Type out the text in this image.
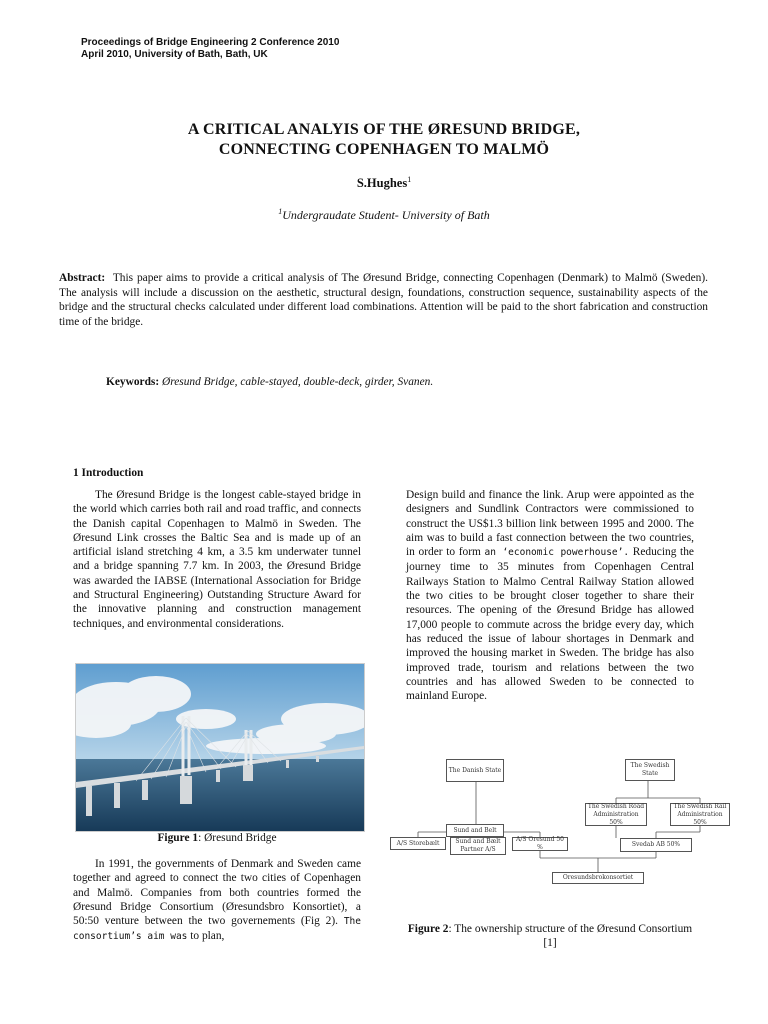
Proceedings of Bridge Engineering 2 Conference 2010
April 2010, University of Bath, Bath, UK
A CRITICAL ANALYIS OF THE ØRESUND BRIDGE,
CONNECTING COPENHAGEN TO MALMÖ
S.Hughes$^1$
$^1$Undergraudate Student- University of Bath
Abstract: This paper aims to provide a critical analysis of The Øresund Bridge, connecting Copenhagen (Denmark) to Malmö (Sweden). The analysis will include a discussion on the aesthetic, structural design, foundations, construction sequence, sustainability aspects of the bridge and the structural checks calculated under different load combinations. Attention will be paid to the short fabrication and construction time of the bridge.
Keywords: Øresund Bridge, cable-stayed, double-deck, girder, Svanen.
1 Introduction

The Øresund Bridge is the longest cable-stayed bridge in the world which carries both rail and road traffic, and connects the Danish capital Copenhagen to Malmö in Sweden. The Øresund Link crosses the Baltic Sea and is made up of an artificial island stretching 4 km, a 3.5 km underwater tunnel and a bridge spanning 7.7 km. In 2003, the Øresund Bridge was awarded the IABSE (International Association for Bridge and Structural Engineering) Outstanding Structure Award for the innovative planning and construction management techniques, and environmental considerations.

Figure 1: Øresund Bridge

In 1991, the governments of Denmark and Sweden came together and agreed to connect the two cities of Copenhagen and Malmö. Companies from both countries formed the Øresund Bridge Consortium (Øresundsbro Konsortiet), a 50:50 venture between the two governements (Fig 2). The consortium’s aim was to plan,

Design build and finance the link. Arup were appointed as the designers and Sundlink Contractors were commissioned to construct the US$1.3 billion link between 1995 and 2000. The aim was to build a fast connection between the two countries, in order to form an ‘economic powerhouse’. Reducing the journey time to 35 minutes from Copenhagen Central Railways Station to Malmo Central Railway Station allowed the two cities to be brought closer together to share their resources. The opening of the Øresund Bridge has allowed 17,000 people to commute across the bridge every day, which has reduced the issue of labour shortages in Denmark and improved the housing market in Sweden. The bridge has also improved trade, tourism and relations between the two countries and has allowed Sweden to be connected to mainland Europe.

The Danish State
The Swedish State
Sund and Belt
The Swedish Road Administration 50%
The Swedish Rail Administration 50%
A/S Storebælt	Sund and Bælt Partner A/S
A/S Oresund 50 %	Svedab AB 50%
Oresundsbrokonsortiet
Figure 2: The ownership structure of the Øresund Consortium [1]
